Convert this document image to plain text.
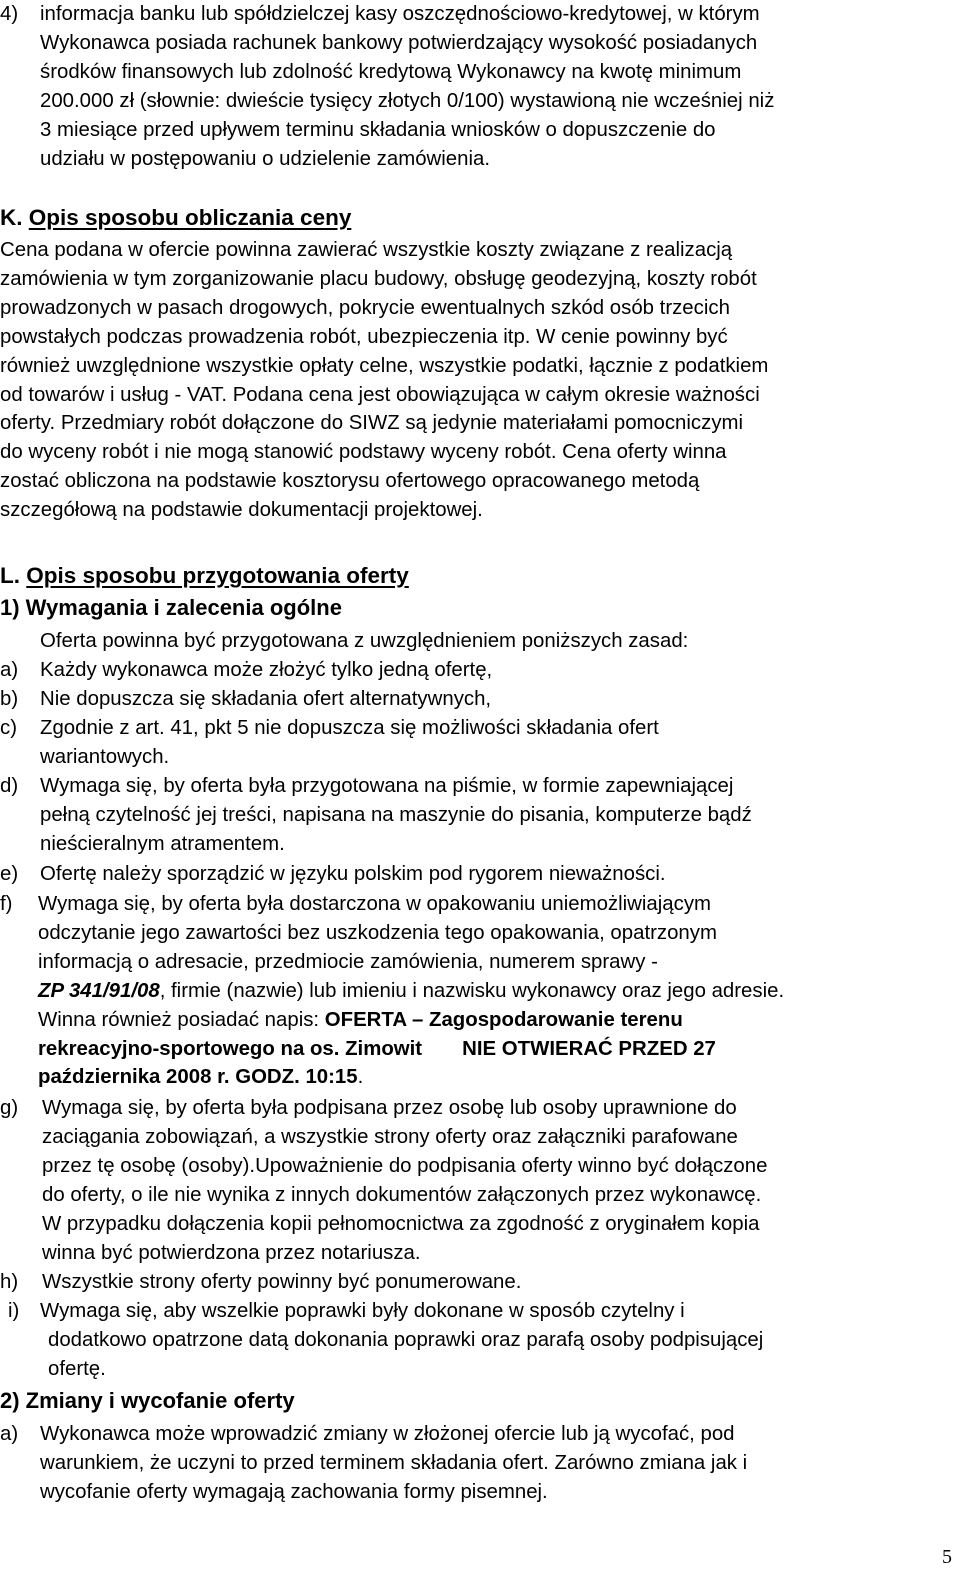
4) informacja banku lub spółdzielczej kasy oszczędnościowo-kredytowej, w którym
Wykonawca posiada rachunek bankowy potwierdzający wysokość posiadanych
środków finansowych lub zdolność kredytową Wykonawcy na kwotę minimum
200.000 zł (słownie: dwieście tysięcy złotych 0/100) wystawioną nie wcześniej niż
3 miesiące przed upływem terminu składania wniosków o dopuszczenie do
udziału w postępowaniu o udzielenie zamówienia.
K. Opis sposobu obliczania ceny
Cena podana w ofercie powinna zawierać wszystkie koszty związane z realizacją
zamówienia w tym zorganizowanie placu budowy, obsługę geodezyjną, koszty robót
prowadzonych w pasach drogowych, pokrycie ewentualnych szkód osób trzecich
powstałych podczas prowadzenia robót, ubezpieczenia itp. W cenie powinny być
również uwzględnione wszystkie opłaty celne, wszystkie podatki, łącznie z podatkiem
od towarów i usług - VAT. Podana cena jest obowiązująca w całym okresie ważności
oferty. Przedmiary robót dołączone do SIWZ są jedynie materiałami pomocniczymi
do wyceny robót i nie mogą stanowić podstawy wyceny robót. Cena oferty winna
zostać obliczona na podstawie kosztorysu ofertowego opracowanego metodą
szczegółową na podstawie dokumentacji projektowej.
L. Opis sposobu przygotowania oferty
1) Wymagania i zalecenia ogólne
Oferta powinna być przygotowana z uwzględnieniem poniższych zasad:
a) Każdy wykonawca może złożyć tylko jedną ofertę,
b) Nie dopuszcza się składania ofert alternatywnych,
c) Zgodnie z art. 41, pkt 5 nie dopuszcza się możliwości składania ofert
wariantowych.
d) Wymaga się, by oferta była przygotowana na piśmie, w formie zapewniającej
pełną czytelność jej treści, napisana na maszynie do pisania, komputerze bądź
nieścieralnym atramentem.
e) Ofertę należy sporządzić w języku polskim pod rygorem nieważności.
f) Wymaga się, by oferta była dostarczona w opakowaniu uniemożliwiającym
odczytanie jego zawartości bez uszkodzenia tego opakowania, opatrzonym
informacją o adresacie, przedmiocie zamówienia, numerem sprawy -
ZP 341/91/08, firmie (nazwie) lub imieniu i nazwisku wykonawcy oraz jego adresie.
Winna również posiadać napis: OFERTA – Zagospodarowanie terenu
rekreacyjno-sportowego na os. Zimowit NIE OTWIERAĆ PRZED 27
października 2008 r. GODZ. 10:15.
g) Wymaga się, by oferta była podpisana przez osobę lub osoby uprawnione do
zaciągania zobowiązań, a wszystkie strony oferty oraz załączniki parafowane
przez tę osobę (osoby).Upoważnienie do podpisania oferty winno być dołączone
do oferty, o ile nie wynika z innych dokumentów załączonych przez wykonawcę.
W przypadku dołączenia kopii pełnomocnictwa za zgodność z oryginałem kopia
winna być potwierdzona przez notariusza.
h) Wszystkie strony oferty powinny być ponumerowane.
i) Wymaga się, aby wszelkie poprawki były dokonane w sposób czytelny i
dodatkowo opatrzone datą dokonania poprawki oraz parafą osoby podpisującej
ofertę.
2) Zmiany i wycofanie oferty
a) Wykonawca może wprowadzić zmiany w złożonej ofercie lub ją wycofać, pod
warunkiem, że uczyni to przed terminem składania ofert. Zarówno zmiana jak i
wycofanie oferty wymagają zachowania formy pisemnej.
5
